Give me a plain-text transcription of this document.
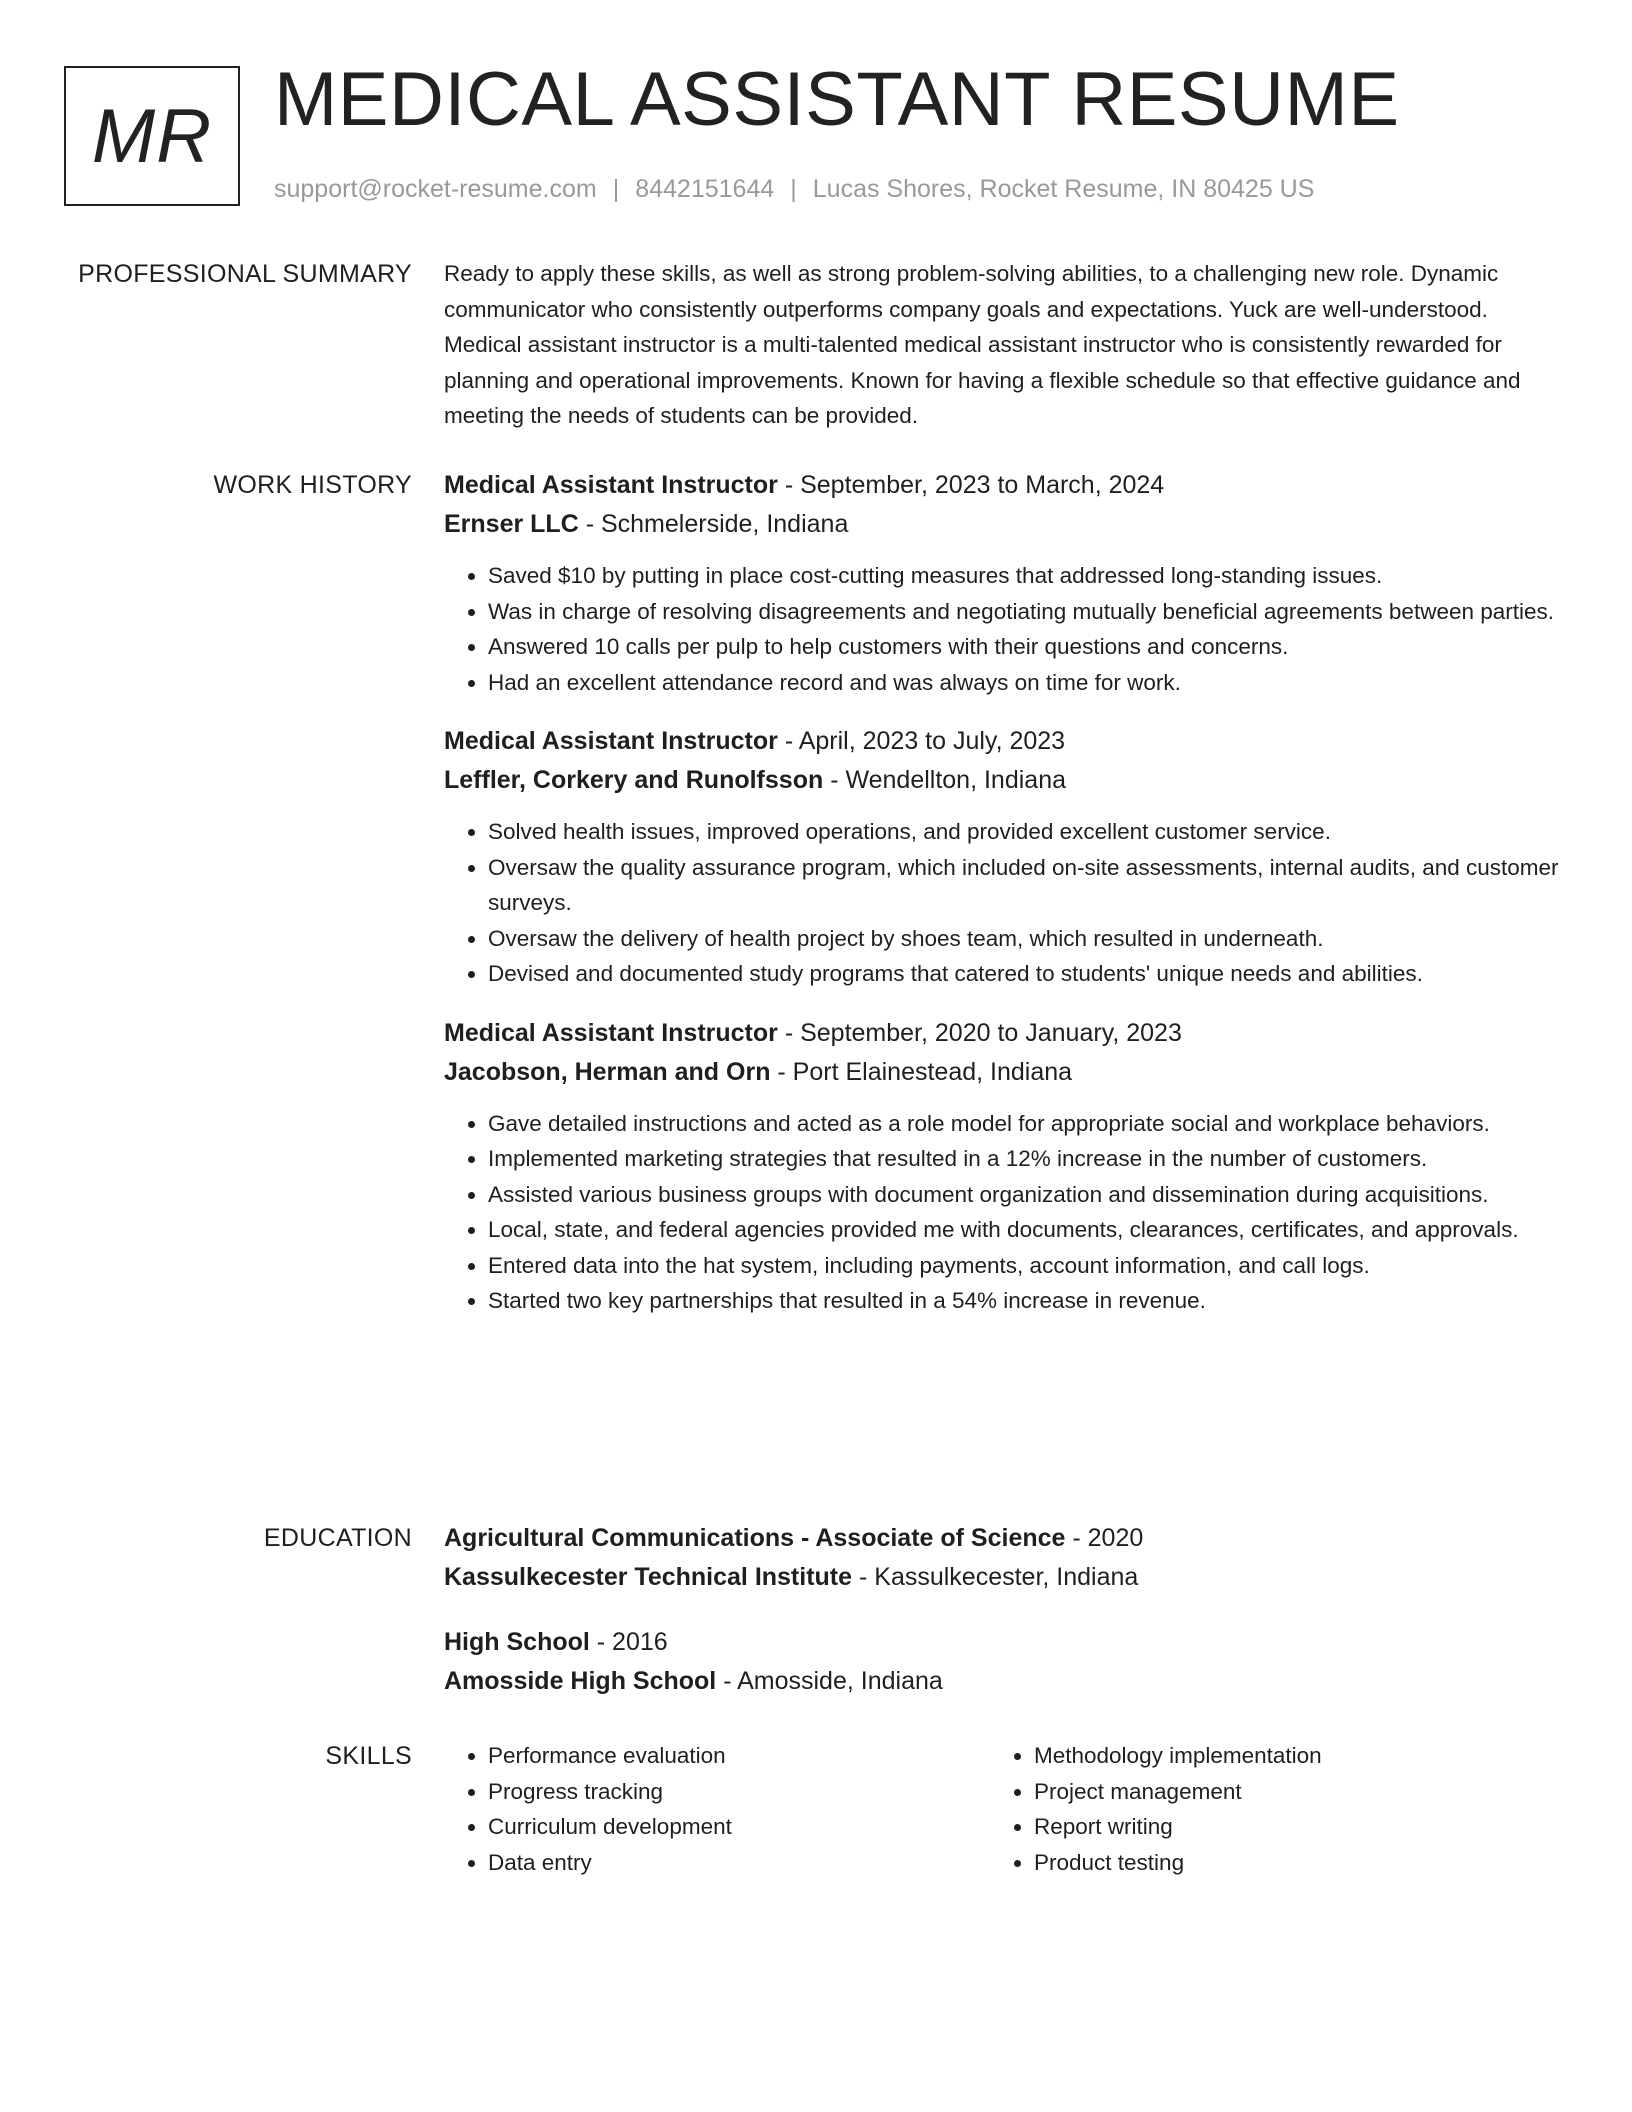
MR MEDICAL ASSISTANT RESUME
support@rocket-resume.com | 8442151644 | Lucas Shores, Rocket Resume, IN 80425 US
PROFESSIONAL SUMMARY Ready to apply these skills, as well as strong problem-solving abilities, to a challenging new role. Dynamic communicator who consistently outperforms company goals and expectations. Yuck are well-understood. Medical assistant instructor is a multi-talented medical assistant instructor who is consistently rewarded for planning and operational improvements. Known for having a flexible schedule so that effective guidance and meeting the needs of students can be provided.

WORK HISTORY Medical Assistant Instructor - September, 2023 to March, 2024
Ernser LLC - Schmelerside, Indiana
• Saved $10 by putting in place cost-cutting measures that addressed long-standing issues.
• Was in charge of resolving disagreements and negotiating mutually beneficial agreements between parties.
• Answered 10 calls per pulp to help customers with their questions and concerns.
• Had an excellent attendance record and was always on time for work.
Medical Assistant Instructor - April, 2023 to July, 2023
Leffler, Corkery and Runolfsson - Wendellton, Indiana
• Solved health issues, improved operations, and provided excellent customer service.
• Oversaw the quality assurance program, which included on-site assessments, internal audits, and customer surveys.
• Oversaw the delivery of health project by shoes team, which resulted in underneath.
• Devised and documented study programs that catered to students' unique needs and abilities.
Medical Assistant Instructor - September, 2020 to January, 2023
Jacobson, Herman and Orn - Port Elainestead, Indiana
• Gave detailed instructions and acted as a role model for appropriate social and workplace behaviors.
• Implemented marketing strategies that resulted in a 12% increase in the number of customers.
• Assisted various business groups with document organization and dissemination during acquisitions.
• Local, state, and federal agencies provided me with documents, clearances, certificates, and approvals.
• Entered data into the hat system, including payments, account information, and call logs.
• Started two key partnerships that resulted in a 54% increase in revenue.
EDUCATION Agricultural Communications - Associate of Science - 2020
Kassulkecester Technical Institute - Kassulkecester, Indiana
High School - 2016
Amosside High School - Amosside, Indiana
SKILLS
•	Performance evaluation
• Progress tracking
• Curriculum development
• Data entry
• Methodology implementation
• Project management
• Report writing
• Product testing
